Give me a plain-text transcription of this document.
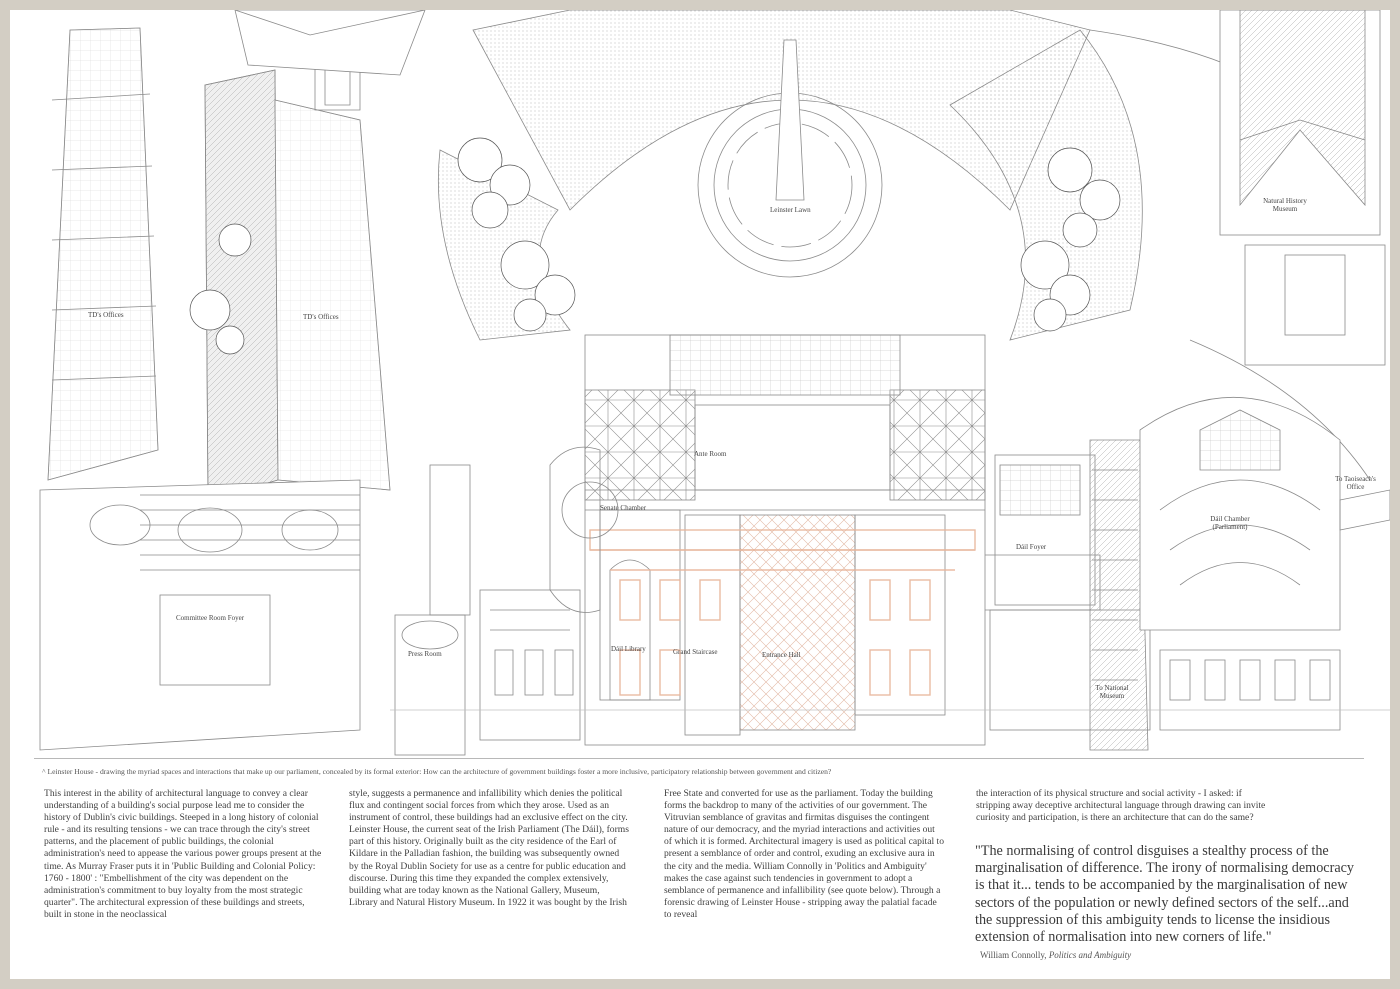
TD's Offices	TD's Offices
Leinster Lawn
Natural History Museum
Ante Room
Senate Chamber
Committee Room Foyer
Press Room
Dáil Library	Grand Staircase	Entrance Hall
Dáil Foyer
Dáil Chamber (Parliament)
To Taoiseach's Office
To National Museum
^ Leinster House - drawing the myriad spaces and interactions that make up our parliament, concealed by its formal exterior: How can the architecture of government buildings foster a more inclusive, participatory relationship between government and citizen?

This interest in the ability of architectural language to convey a clear understanding of a building's social purpose lead me to consider the history of Dublin's civic buildings. Steeped in a long history of colonial rule - and its resulting tensions - we can trace through the city's street patterns, and the placement of public buildings, the colonial administration's need to appease the various power groups present at the time. As Murray Fraser puts it in 'Public Building and Colonial Policy: 1760 - 1800' : "Embellishment of the city was dependent on the administration's commitment to buy loyalty from the most strategic quarter". The architectural expression of these buildings and streets, built in stone in the neoclassical

style, suggests a permanence and infallibility which denies the political flux and contingent social forces from which they arose. Used as an instrument of control, these buildings had an exclusive effect on the city. Leinster House, the current seat of the Irish Parliament (The Dáil), forms part of this history. Originally built as the city residence of the Earl of Kildare in the Palladian fashion, the building was subsequently owned by the Royal Dublin Society for use as a centre for public education and discourse. During this time they expanded the complex extensively, building what are today known as the National Gallery, Museum, Library and Natural History Museum. In 1922 it was bought by the Irish

Free State and converted for use as the parliament. Today the building forms the backdrop to many of the activities of our government. The Vitruvian semblance of gravitas and firmitas disguises the contingent nature of our democracy, and the myriad interactions and activities out of which it is formed. Architectural imagery is used as political capital to present a semblance of order and control, exuding an exclusive aura in the city and the media. William Connolly in 'Politics and Ambiguity' makes the case against such tendencies in government to adopt a semblance of permanence and infallibility (see quote below). Through a forensic drawing of Leinster House - stripping away the palatial facade to reveal

the interaction of its physical structure and social activity - I asked: if stripping away deceptive architectural language through drawing can invite curiosity and participation, is there an architecture that can do the same?

"The normalising of control disguises a stealthy process of the marginalisation of difference. The irony of normalising democracy is that it... tends to be accompanied by the marginalisation of new sectors of the population or newly defined sectors of the self...and the suppression of this ambiguity tends to license the insidious extension of normalisation into new corners of life."
William Connolly, Politics and Ambiguity
